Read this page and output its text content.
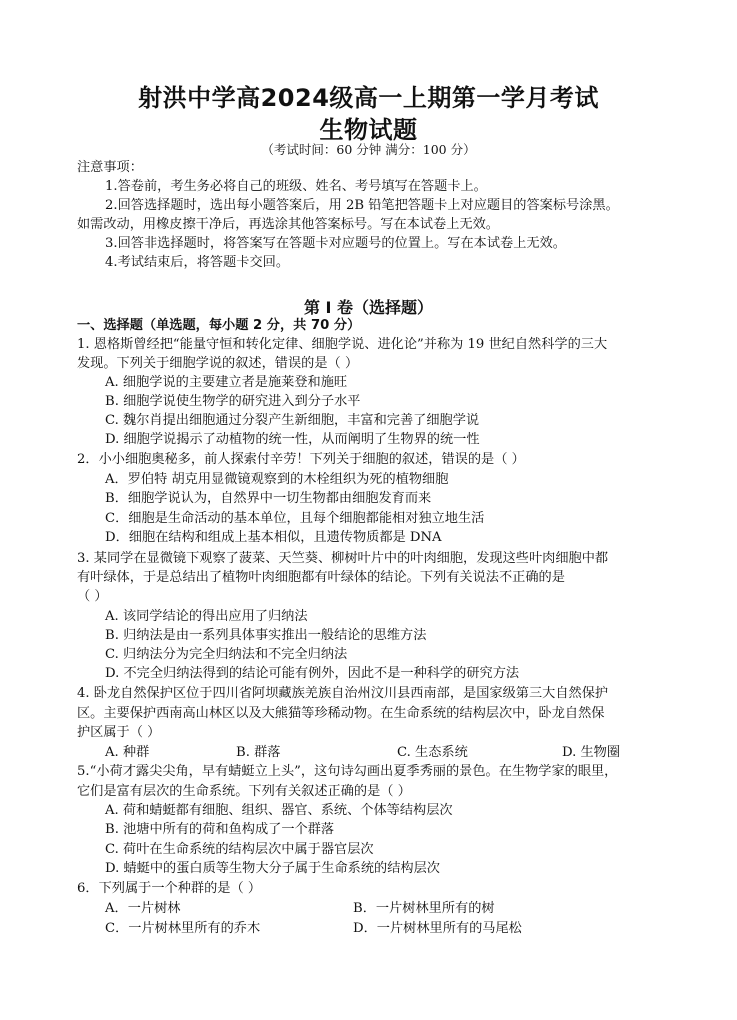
射洪中学高2024级高一上期第一学月考试
生物试题
（考试时间：60 分钟 满分：100 分）
注意事项：
1.答卷前，考生务必将自己的班级、姓名、考号填写在答题卡上。
2.回答选择题时，选出每小题答案后，用 2B 铅笔把答题卡上对应题目的答案标号涂黑。
如需改动，用橡皮擦干净后，再选涂其他答案标号。写在本试卷上无效。
3.回答非选择题时，将答案写在答题卡对应题号的位置上。写在本试卷上无效。
4.考试结束后，将答题卡交回。
第 I 卷（选择题）
一、选择题（单选题，每小题 2 分，共 70 分）
1. 恩格斯曾经把“能量守恒和转化定律、细胞学说、进化论”并称为 19 世纪自然科学的三大
发现。下列关于细胞学说的叙述，错误的是（ ）
A. 细胞学说的主要建立者是施莱登和施旺
B. 细胞学说使生物学的研究进入到分子水平
C. 魏尔肖提出细胞通过分裂产生新细胞，丰富和完善了细胞学说
D. 细胞学说揭示了动植物的统一性，从而阐明了生物界的统一性
2．小小细胞奥秘多，前人探索付辛劳！下列关于细胞的叙述，错误的是（ ）
A．罗伯特 胡克用显微镜观察到的木栓组织为死的植物细胞
B．细胞学说认为，自然界中一切生物都由细胞发育而来
C．细胞是生命活动的基本单位，且每个细胞都能相对独立地生活
D．细胞在结构和组成上基本相似，且遗传物质都是 DNA
3. 某同学在显微镜下观察了菠菜、天竺葵、柳树叶片中的叶肉细胞，发现这些叶肉细胞中都
有叶绿体，于是总结出了植物叶肉细胞都有叶绿体的结论。下列有关说法不正确的是
（ ）
A. 该同学结论的得出应用了归纳法
B. 归纳法是由一系列具体事实推出一般结论的思维方法
C. 归纳法分为完全归纳法和不完全归纳法
D. 不完全归纳法得到的结论可能有例外，因此不是一种科学的研究方法
4. 卧龙自然保护区位于四川省阿坝藏族羌族自治州汶川县西南部，是国家级第三大自然保护
区。主要保护西南高山林区以及大熊猫等珍稀动物。在生命系统的结构层次中，卧龙自然保
护区属于（ ）
A. 种群	B. 群落	C. 生态系统	D. 生物圈
5.“小荷才露尖尖角，早有蜻蜓立上头”，这句诗勾画出夏季秀丽的景色。在生物学家的眼里，
它们是富有层次的生命系统。下列有关叙述正确的是（ ）
A. 荷和蜻蜓都有细胞、组织、器官、系统、个体等结构层次
B. 池塘中所有的荷和鱼构成了一个群落
C. 荷叶在生命系统的结构层次中属于器官层次
D. 蜻蜓中的蛋白质等生物大分子属于生命系统的结构层次
6．下列属于一个种群的是（ ）
A．一片树林	B．一片树林里所有的树
C．一片树林里所有的乔木	D．一片树林里所有的马尾松
